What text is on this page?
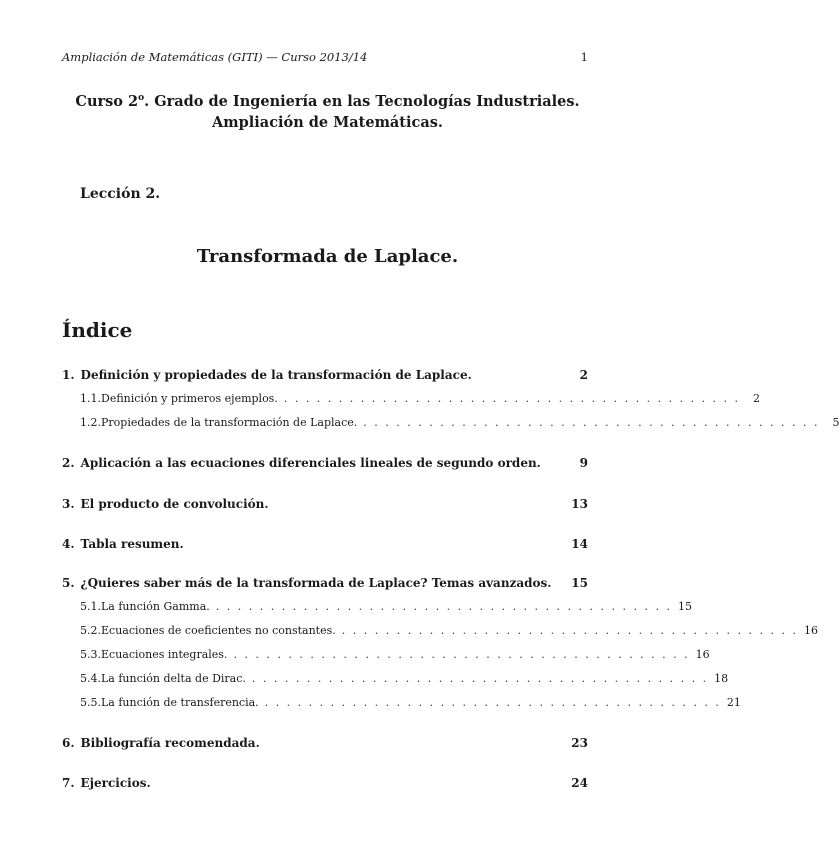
Ampliación de Matemáticas (GITI) — Curso 2013/14	1
Curso 2$^o$. Grado de Ingeniería en las Tecnologías Industriales.
Ampliación de Matemáticas.
Lección 2.
Transformada de Laplace.
Índice
1. Definición y propiedades de la transformación de Laplace.	2
1.1. Definición y primeros ejemplos. . . . . . . . . . . . . . . . . . . . . . . . . . . . . . . . . . . . . . . . . . .	2
1.2. Propiedades de la transformación de Laplace. . . . . . . . . . . . . . . . . . . . . . . . . . . . . . . . . . . . . . . . . . .	5
2. Aplicación a las ecuaciones diferenciales lineales de segundo orden.	9
3. El producto de convolución.	13
4. Tabla resumen.	14
5. ¿Quieres saber más de la transformada de Laplace? Temas avanzados. 15
5.1. La función Gamma. . . . . . . . . . . . . . . . . . . . . . . . . . . . . . . . . . . . . . . . . . . 15
5.2. Ecuaciones de coeficientes no constantes. . . . . . . . . . . . . . . . . . . . . . . . . . . . . . . . . . . . . . . . . . . 16
5.3. Ecuaciones integrales. . . . . . . . . . . . . . . . . . . . . . . . . . . . . . . . . . . . . . . . . . . 16
5.4. La función delta de Dirac. . . . . . . . . . . . . . . . . . . . . . . . . . . . . . . . . . . . . . . . . . . 18
5.5. La función de transferencia. . . . . . . . . . . . . . . . . . . . . . . . . . . . . . . . . . . . . . . . . . . 21
6. Bibliografía recomendada.	23
7. Ejercicios.	24
